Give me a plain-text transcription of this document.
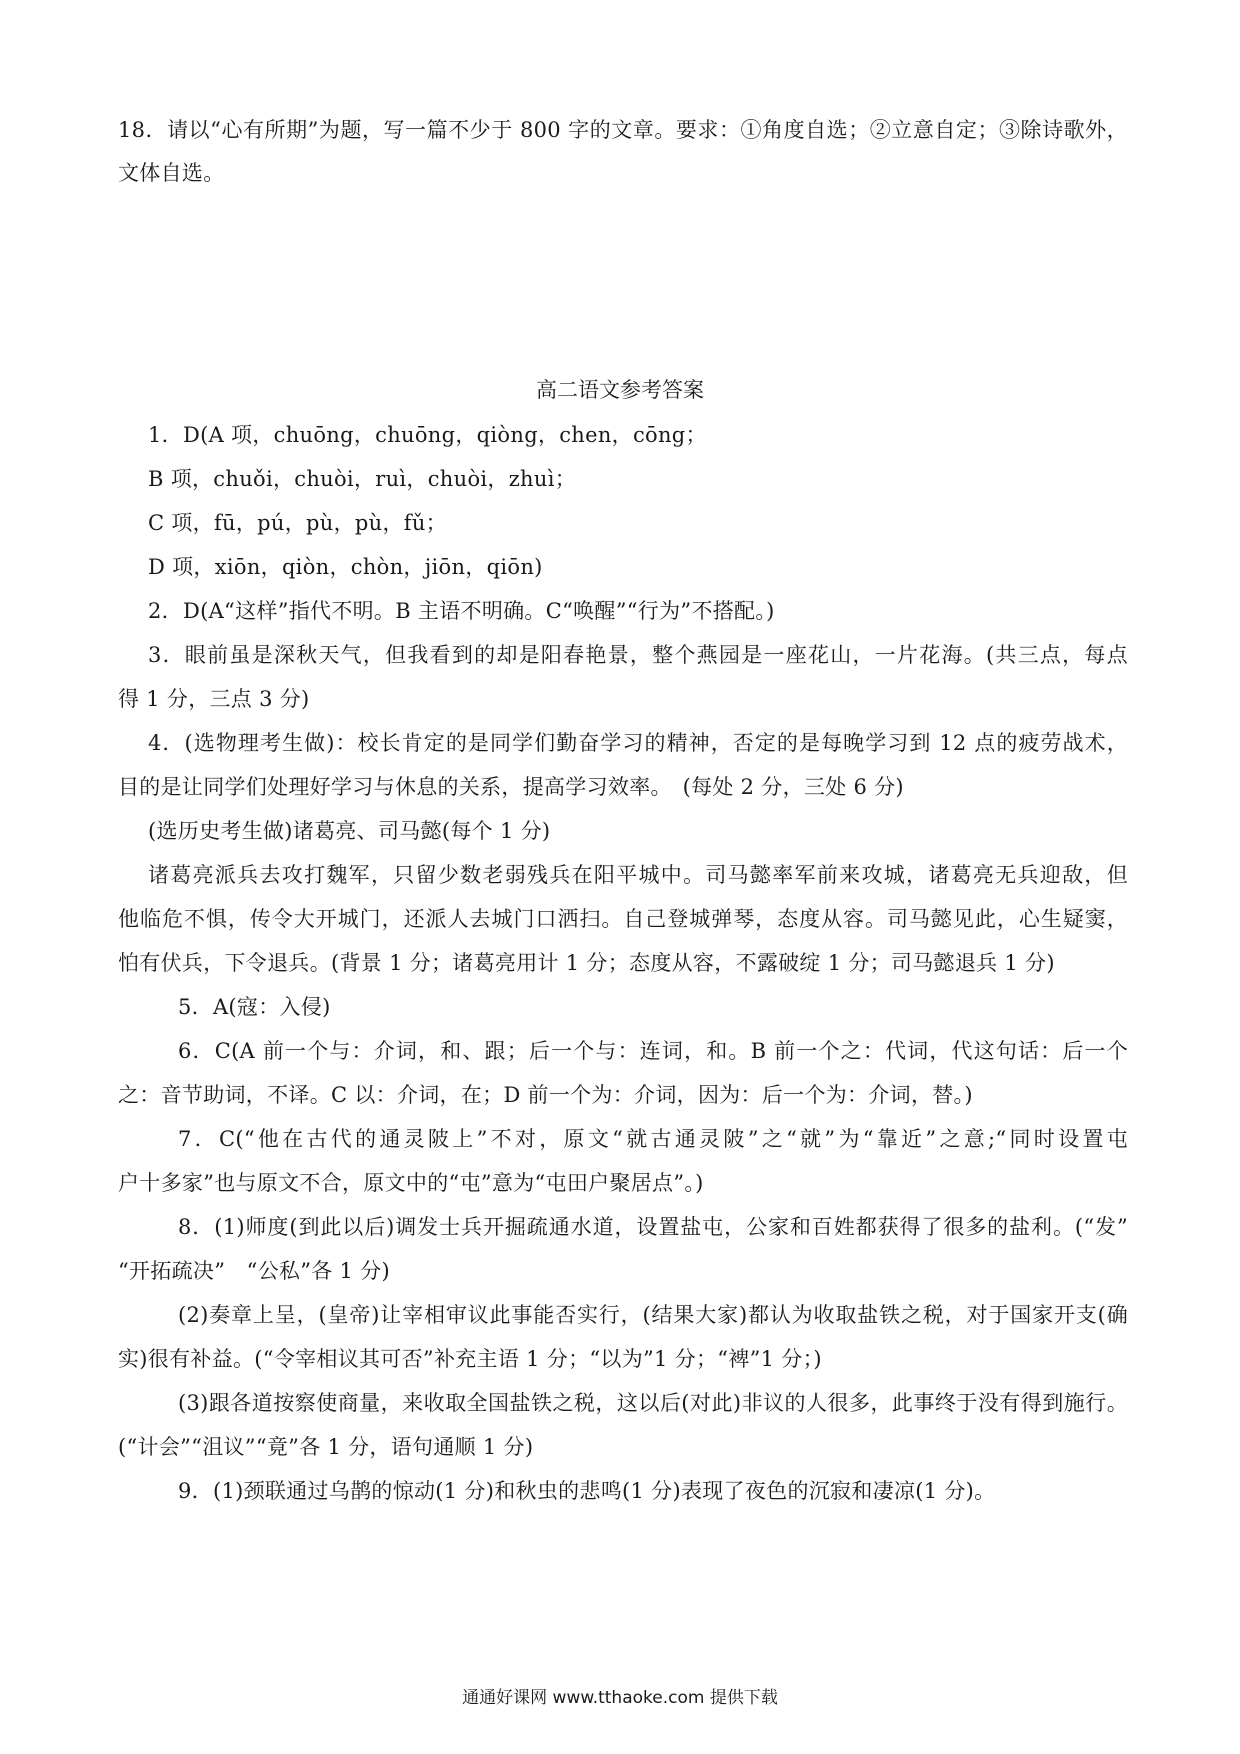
18．请以“心有所期”为题，写一篇不少于 800 字的文章。要求：①角度自选；②立意自定；③除诗歌外，
文体自选。
高二语文参考答案
1．D(A 项，chuōng，chuōng，qiòng，chen，cōng；
B 项，chuǒi，chuòi，ruì，chuòi，zhuì；
C 项，fū，pú，pù，pù，fǔ；
D 项，xiōn，qiòn，chòn，jiōn，qiōn)
2．D(A“这样”指代不明。B 主语不明确。C“唤醒”“行为”不搭配。)
3．眼前虽是深秋天气，但我看到的却是阳春艳景，整个燕园是一座花山，一片花海。(共三点，每点
得 1 分，三点 3 分)
4．(选物理考生做)：校长肯定的是同学们勤奋学习的精神，否定的是每晚学习到 12 点的疲劳战术，
目的是让同学们处理好学习与休息的关系，提高学习效率。　(每处 2 分，三处 6 分)
(选历史考生做)诸葛亮、司马懿(每个 1 分)
诸葛亮派兵去攻打魏军，只留少数老弱残兵在阳平城中。司马懿率军前来攻城，诸葛亮无兵迎敌，但
他临危不惧，传令大开城门，还派人去城门口洒扫。自己登城弹琴，态度从容。司马懿见此，心生疑窦，
怕有伏兵，下令退兵。(背景 1 分；诸葛亮用计 1 分；态度从容，不露破绽 1 分；司马懿退兵 1 分)
5．A(寇：入侵)
6．C(A 前一个与：介词，和、跟；后一个与：连词，和。B 前一个之：代词，代这句话：后一个
之：音节助词，不译。C 以：介词，在；D 前一个为：介词，因为：后一个为：介词，替。)
7．C(“他在古代的通灵陂上”不对，原文“就古通灵陂”之“就”为“靠近”之意;“同时设置屯
户十多家”也与原文不合，原文中的“屯”意为“屯田户聚居点”。)
8．(1)师度(到此以后)调发士兵开掘疏通水道，设置盐屯，公家和百姓都获得了很多的盐利。(“发”
“开拓疏决”　“公私”各 1 分)
(2)奏章上呈，(皇帝)让宰相审议此事能否实行，(结果大家)都认为收取盐铁之税，对于国家开支(确
实)很有补益。(“令宰相议其可否”补充主语 1 分；“以为”1 分；“裨”1 分；)
(3)跟各道按察使商量，来收取全国盐铁之税，这以后(对此)非议的人很多，此事终于没有得到施行。
(“计会”“沮议”“竟”各 1 分，语句通顺 1 分)
9．(1)颈联通过乌鹊的惊动(1 分)和秋虫的悲鸣(1 分)表现了夜色的沉寂和凄凉(1 分)。
通通好课网 www.tthaoke.com 提供下载
